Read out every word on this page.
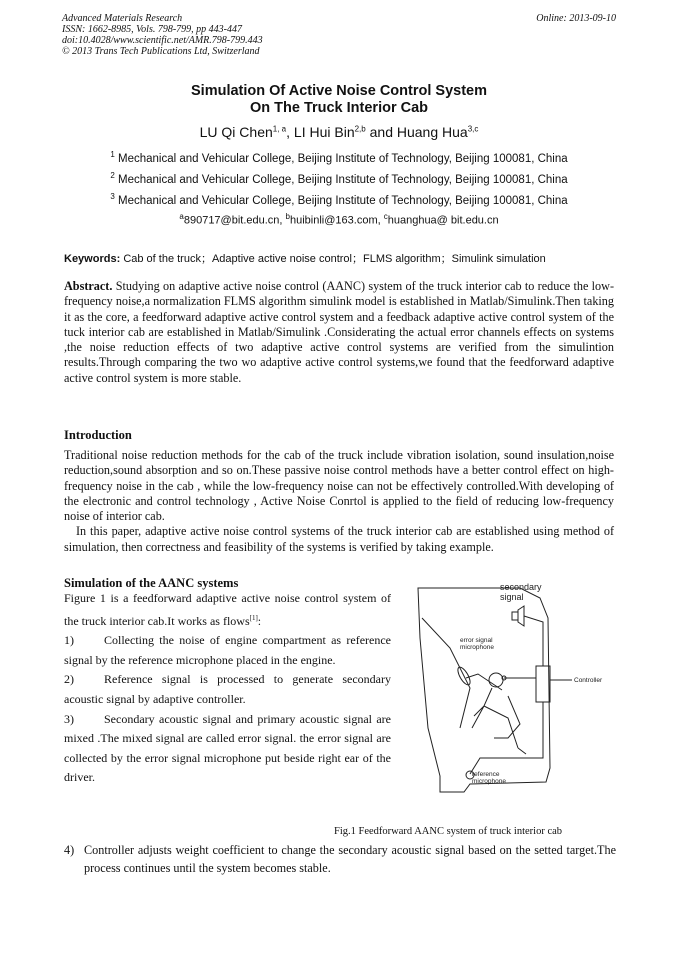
Advanced Materials Research
ISSN: 1662-8985, Vols. 798-799, pp 443-447
doi:10.4028/www.scientific.net/AMR.798-799.443
© 2013 Trans Tech Publications Ltd, Switzerland
Online: 2013-09-10
Simulation Of Active Noise Control System
On The Truck Interior Cab
LU Qi Chen$^{1, a}$, LI Hui Bin$^{2,b}$ and Huang Hua$^{3,c}$
$^1$ Mechanical and Vehicular College, Beijing Institute of Technology, Beijing 100081, China
$^2$ Mechanical and Vehicular College, Beijing Institute of Technology, Beijing 100081, China
$^3$ Mechanical and Vehicular College, Beijing Institute of Technology, Beijing 100081, China
$^a$890717@bit.edu.cn, $^b$huibinli@163.com, $^c$huanghua@ bit.edu.cn
Keywords: Cab of the truck；Adaptive active noise control；FLMS algorithm；Simulink simulation
Abstract. Studying on adaptive active noise control (AANC) system of the truck interior cab to reduce the low-frequency noise,a normalization FLMS algorithm simulink model is established in Matlab/Simulink.Then taking it as the core, a feedforward adaptive active control system and a feedback adaptive active control system of the tuck interior cab are established in Matlab/Simulink .Considerating the actual error channels effects on systems ,the noise reduction effects of two adaptive active control systems are verified from the simulintion results.Through comparing the two wo adaptive active control systems,we found that the feedforward adaptive active control system is more stable.
Introduction
Traditional noise reduction methods for the cab of the truck include vibration isolation, sound insulation,noise reduction,sound absorption and so on.These passive noise control methods have a better control effect on high-frequency noise in the cab , while the low-frequency noise can not be effectively controlled.With developing of the electronic and control technology , Active Noise Conrtol is applied to the field of reducing low-frequency noise of interior cab.
In this paper, adaptive active noise control systems of the truck interior cab are established using method of simulation, then correctness and feasibility of the systems is verified by taking example.
Simulation of the AANC systems

Figure 1 is a feedforward adaptive active noise control system of the truck interior cab.It works as flows[1]:

1)	Collecting the noise of engine compartment as reference signal by the reference microphone placed in the engine.

2)	Reference signal is processed to generate secondary acoustic signal by adaptive controller.

3)	Secondary acoustic signal and primary acoustic signal are mixed .The mixed signal are called error signal. the error signal are collected by the error signal microphone put beside right ear of the driver.

secondary
signal
error signal
microphone
Controller
reference
microphone
Fig.1 Feedforward AANC system of truck interior cab
4) Controller adjusts weight coefficient to change the secondary acoustic signal based on the setted target.The process continues until the system becomes stable.
